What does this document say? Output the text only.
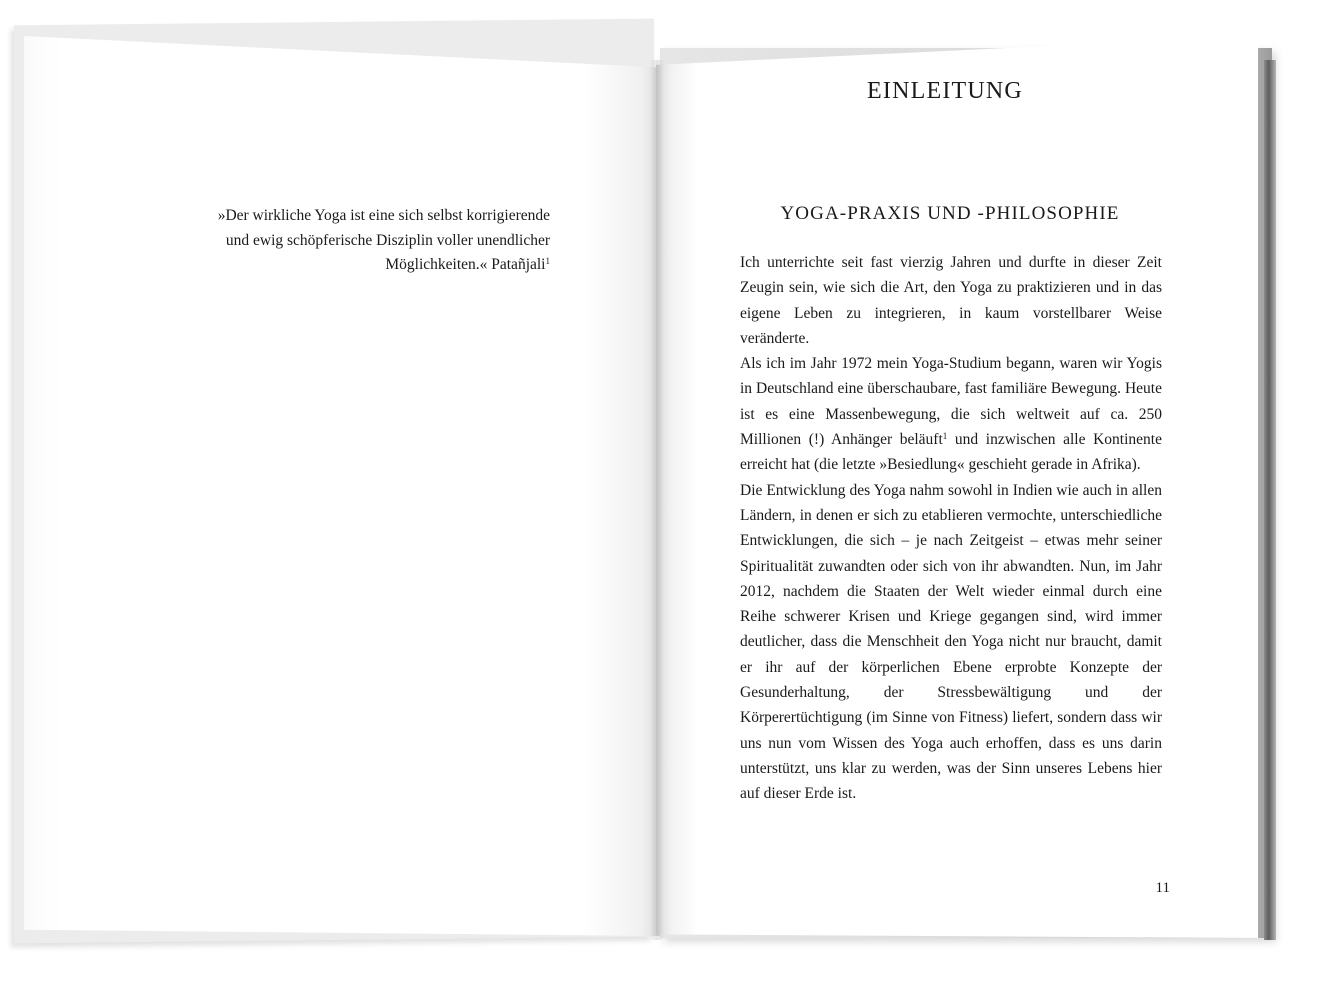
»Der wirkliche Yoga ist eine sich selbst korrigierende
und ewig schöpferische Disziplin voller unendlicher
Möglichkeiten.« Patañjali$^1$
EINLEITUNG
YOGA-PRAXIS UND -PHILOSOPHIE

Ich unterrichte seit fast vierzig Jahren und durfte in dieser Zeit Zeugin sein, wie sich die Art, den Yoga zu praktizieren und in das eigene Leben zu integrieren, in kaum vorstellbarer Weise veränderte.

Als ich im Jahr 1972 mein Yoga-Studium begann, waren wir Yogis in Deutschland eine überschaubare, fast familiäre Bewegung. Heute ist es eine Massenbewegung, die sich weltweit auf ca. 250 Millionen (!) Anhänger beläuft$^1$ und inzwischen alle Kontinente erreicht hat (die letzte »Besiedlung« geschieht gerade in Afrika).

Die Entwicklung des Yoga nahm sowohl in Indien wie auch in allen Ländern, in denen er sich zu etablieren vermochte, unterschiedliche Entwicklungen, die sich – je nach Zeitgeist – etwas mehr seiner Spiritualität zuwandten oder sich von ihr abwandten. Nun, im Jahr 2012, nachdem die Staaten der Welt wieder einmal durch eine Reihe schwerer Krisen und Kriege gegangen sind, wird immer deutlicher, dass die Menschheit den Yoga nicht nur braucht, damit er ihr auf der körperlichen Ebene erprobte Konzepte der Gesunderhaltung, der Stressbewältigung und der Körperertüchtigung (im Sinne von Fitness) liefert, sondern dass wir uns nun vom Wissen des Yoga auch erhoffen, dass es uns darin unterstützt, uns klar zu werden, was der Sinn unseres Lebens hier auf dieser Erde ist.

11
